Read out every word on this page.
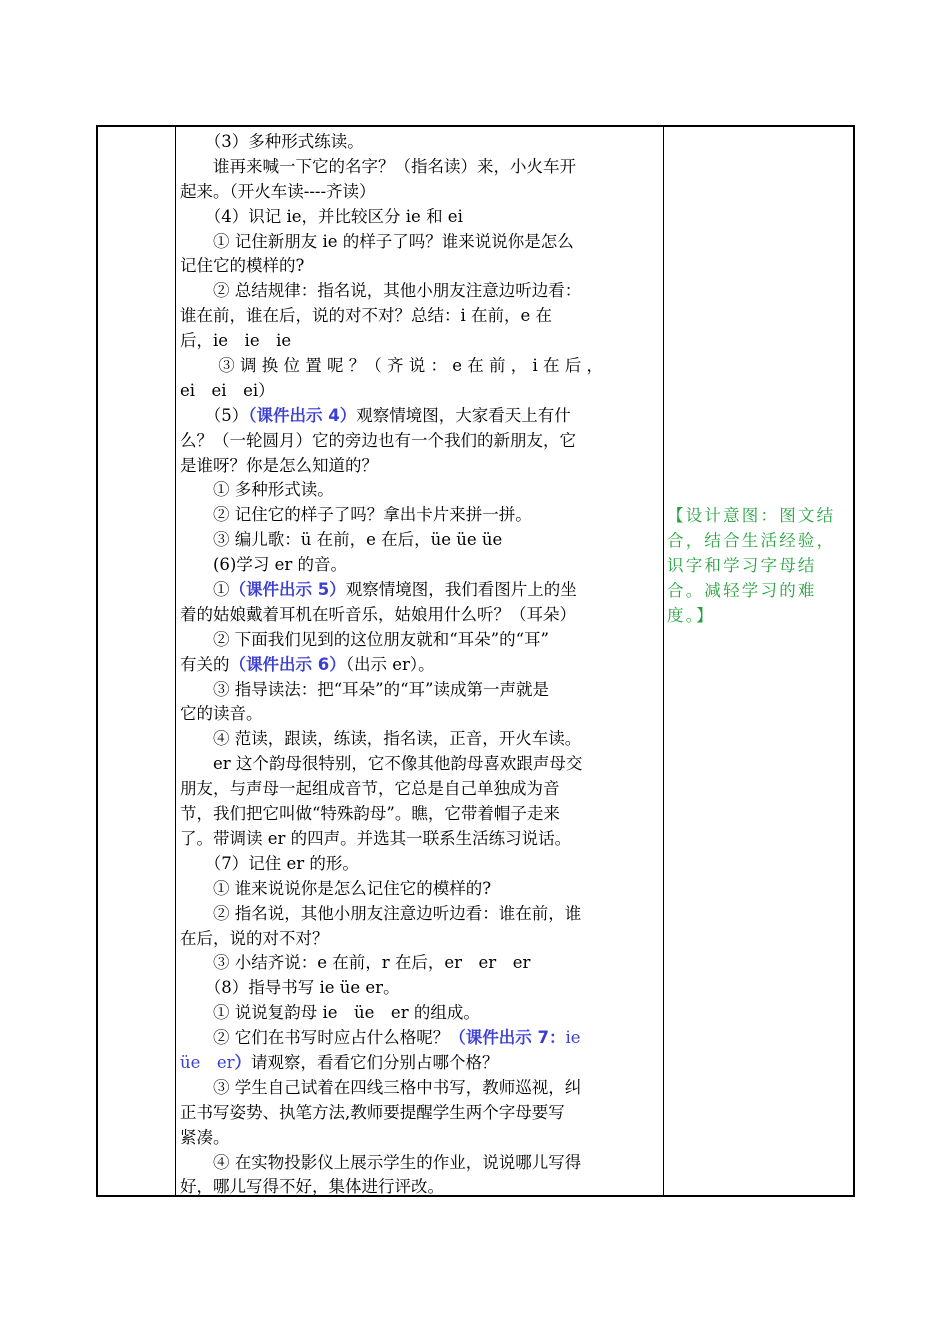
　　（3）多种形式练读。
　　谁再来喊一下它的名字？（指名读）来，小火车开
起来。（开火车读----齐读）
　　（4）识记 ie，并比较区分 ie 和 ei
　　① 记住新朋友 ie 的样子了吗？谁来说说你是怎么
记住它的模样的?
　　② 总结规律：指名说，其他小朋友注意边听边看：
谁在前，谁在后，说的对不对？总结：i 在前，e 在
后，ie　ie　ie
　　 ③ 调 换 位 置 呢 ？（ 齐 说 ： e 在 前 ， i 在 后 ，
ei　ei　ei）
　　（5）（课件出示 4）观察情境图，大家看天上有什
么？（一轮圆月）它的旁边也有一个我们的新朋友，它
是谁呀？你是怎么知道的？
　　① 多种形式读。
　　② 记住它的样子了吗？拿出卡片来拼一拼。
　　③ 编儿歌：ü 在前，e 在后，üe üe üe
　　(6)学习 er 的音。
　　①（课件出示 5）观察情境图，我们看图片上的坐
着的姑娘戴着耳机在听音乐，姑娘用什么听？（耳朵）
　　② 下面我们见到的这位朋友就和“耳朵”的“耳”
有关的（课件出示 6）（出示 er）。
　　③ 指导读法：把“耳朵”的“耳”读成第一声就是
它的读音。
　　④ 范读，跟读，练读，指名读，正音，开火车读。
　　er 这个韵母很特别，它不像其他韵母喜欢跟声母交
朋友，与声母一起组成音节，它总是自己单独成为音
节，我们把它叫做“特殊韵母”。瞧，它带着帽子走来
了。带调读 er 的四声。并选其一联系生活练习说话。
　　（7）记住 er 的形。
　　① 谁来说说你是怎么记住它的模样的?
　　② 指名说，其他小朋友注意边听边看：谁在前，谁
在后，说的对不对？
　　③ 小结齐说：e 在前，r 在后，er　er　er
　　（8）指导书写 ie üe er。
　　① 说说复韵母 ie　üe　er 的组成。
　　② 它们在书写时应占什么格呢？（课件出示 7：ie
üe　er）请观察，看看它们分别占哪个格？
　　③ 学生自己试着在四线三格中书写，教师巡视，纠
正书写姿势、执笔方法,教师要提醒学生两个字母要写
紧凑。
　　④ 在实物投影仪上展示学生的作业，说说哪儿写得
好，哪儿写得不好，集体进行评改。
【设计意图：图文结
合，结合生活经验，
识字和学习字母结
合。减轻学习的难
度。】
